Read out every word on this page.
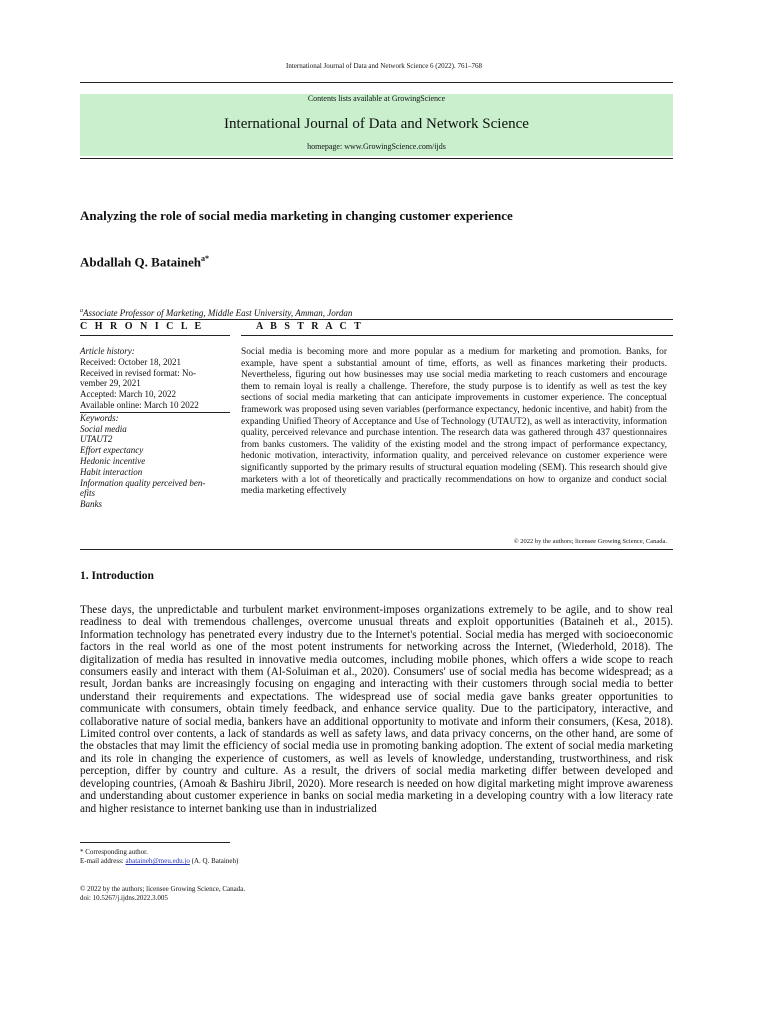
International Journal of Data and Network Science 6 (2022). 761–768
Contents lists available at GrowingScience
International Journal of Data and Network Science
homepage: www.GrowingScience.com/ijds
Analyzing the role of social media marketing in changing customer experience
Abdallah Q. Bataineh$^{a*}$
$^a$Associate Professor of Marketing, Middle East University, Amman, Jordan
C H R O N I C L E	A B S T R A C T
Article history:
Received: October 18, 2021
Received in revised format: No-
vember 29, 2021
Accepted: March 10, 2022
Available online: March 10 2022
Keywords:
Social media
UTAUT2
Effort expectancy
Hedonic incentive
Habit interaction
Information quality perceived ben-
efits
Banks
Social media is becoming more and more popular as a medium for marketing and promotion. Banks, for example, have spent a substantial amount of time, efforts, as well as finances marketing their products. Nevertheless, figuring out how businesses may use social media marketing to reach customers and encourage them to remain loyal is really a challenge. Therefore, the study purpose is to identify as well as test the key sections of social media marketing that can anticipate improvements in customer experience. The conceptual framework was proposed using seven variables (performance expectancy, hedonic incentive, and habit) from the expanding Unified Theory of Acceptance and Use of Technology (UTAUT2), as well as interactivity, information quality, perceived relevance and purchase intention. The research data was gathered through 437 questionnaires from banks customers. The validity of the existing model and the strong impact of performance expectancy, hedonic motivation, interactivity, information quality, and perceived relevance on customer experience were significantly supported by the primary results of structural equation modeling (SEM). This research should give marketers with a lot of theoretically and practically recommendations on how to organize and conduct social media marketing effectively
© 2022 by the authors; licensee Growing Science, Canada.
1. Introduction
These days, the unpredictable and turbulent market environment-imposes organizations extremely to be agile, and to show real readiness to deal with tremendous challenges, overcome unusual threats and exploit opportunities (Bataineh et al., 2015). Information technology has penetrated every industry due to the Internet's potential. Social media has merged with socioeconomic factors in the real world as one of the most potent instruments for networking across the Internet, (Wiederhold, 2018). The digitalization of media has resulted in innovative media outcomes, including mobile phones, which offers a wide scope to reach consumers easily and interact with them (Al-Soluiman et al., 2020). Consumers' use of social media has become widespread; as a result, Jordan banks are increasingly focusing on engaging and interacting with their customers through social media to better understand their requirements and expectations. The widespread use of social media gave banks greater opportunities to communicate with consumers, obtain timely feedback, and enhance service quality. Due to the participatory, interactive, and collaborative nature of social media, bankers have an additional opportunity to motivate and inform their consumers, (Kesa, 2018). Limited control over contents, a lack of standards as well as safety laws, and data privacy concerns, on the other hand, are some of the obstacles that may limit the efficiency of social media use in promoting banking adoption. The extent of social media marketing and its role in changing the experience of customers, as well as levels of knowledge, understanding, trustworthiness, and risk perception, differ by country and culture. As a result, the drivers of social media marketing differ between developed and developing countries, (Amoah & Bashiru Jibril, 2020). More research is needed on how digital marketing might improve awareness and understanding about customer experience in banks on social media marketing in a developing country with a low literacy rate and higher resistance to internet banking use than in industrialized
* Corresponding author.
E-mail address: abataineh@meu.edu.jo (A. Q. Bataineh)
© 2022 by the authors; licensee Growing Science, Canada.
doi: 10.5267/j.ijdns.2022.3.005
